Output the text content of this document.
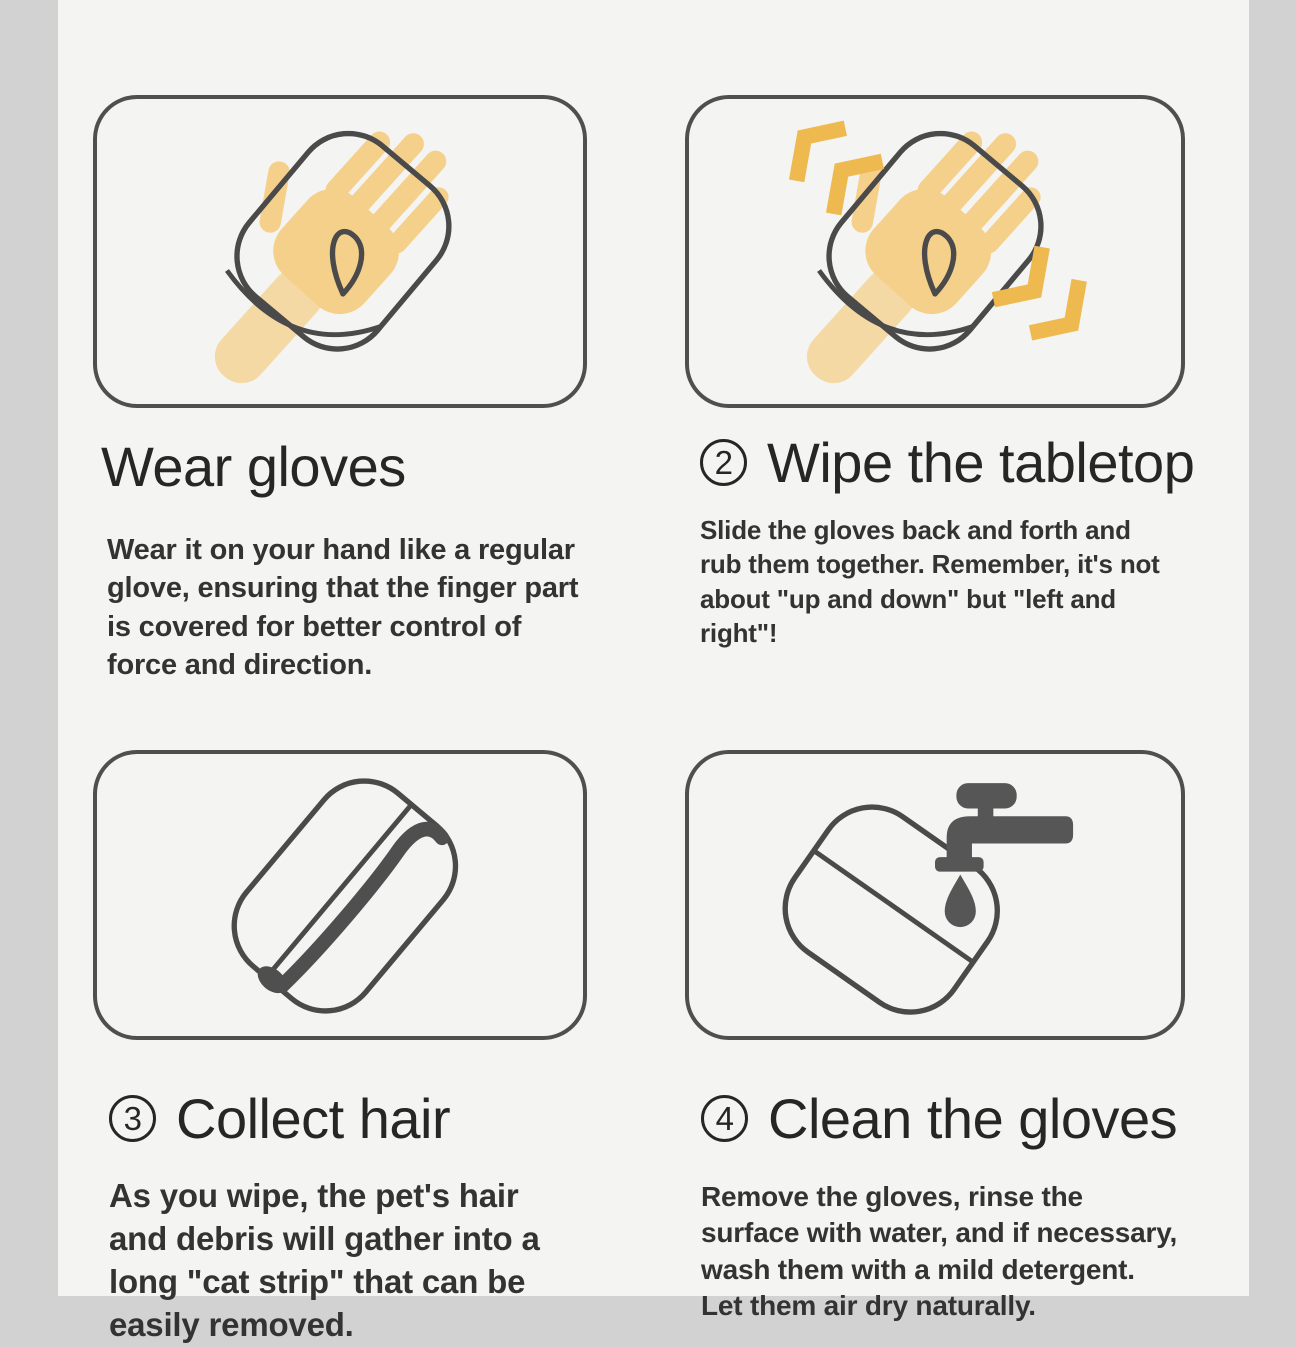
Wear gloves

Wear it on your hand like a regular glove, ensuring that the finger part is covered for better control of force and direction.

2 Wipe the tabletop

Slide the gloves back and forth and rub them together. Remember, it's not about "up and down" but "left and right"!

3 Collect hair

As you wipe, the pet's hair and debris will gather into a long "cat strip" that can be easily removed.

4 Clean the gloves

Remove the gloves, rinse the surface with water, and if necessary, wash them with a mild detergent. Let them air dry naturally.
